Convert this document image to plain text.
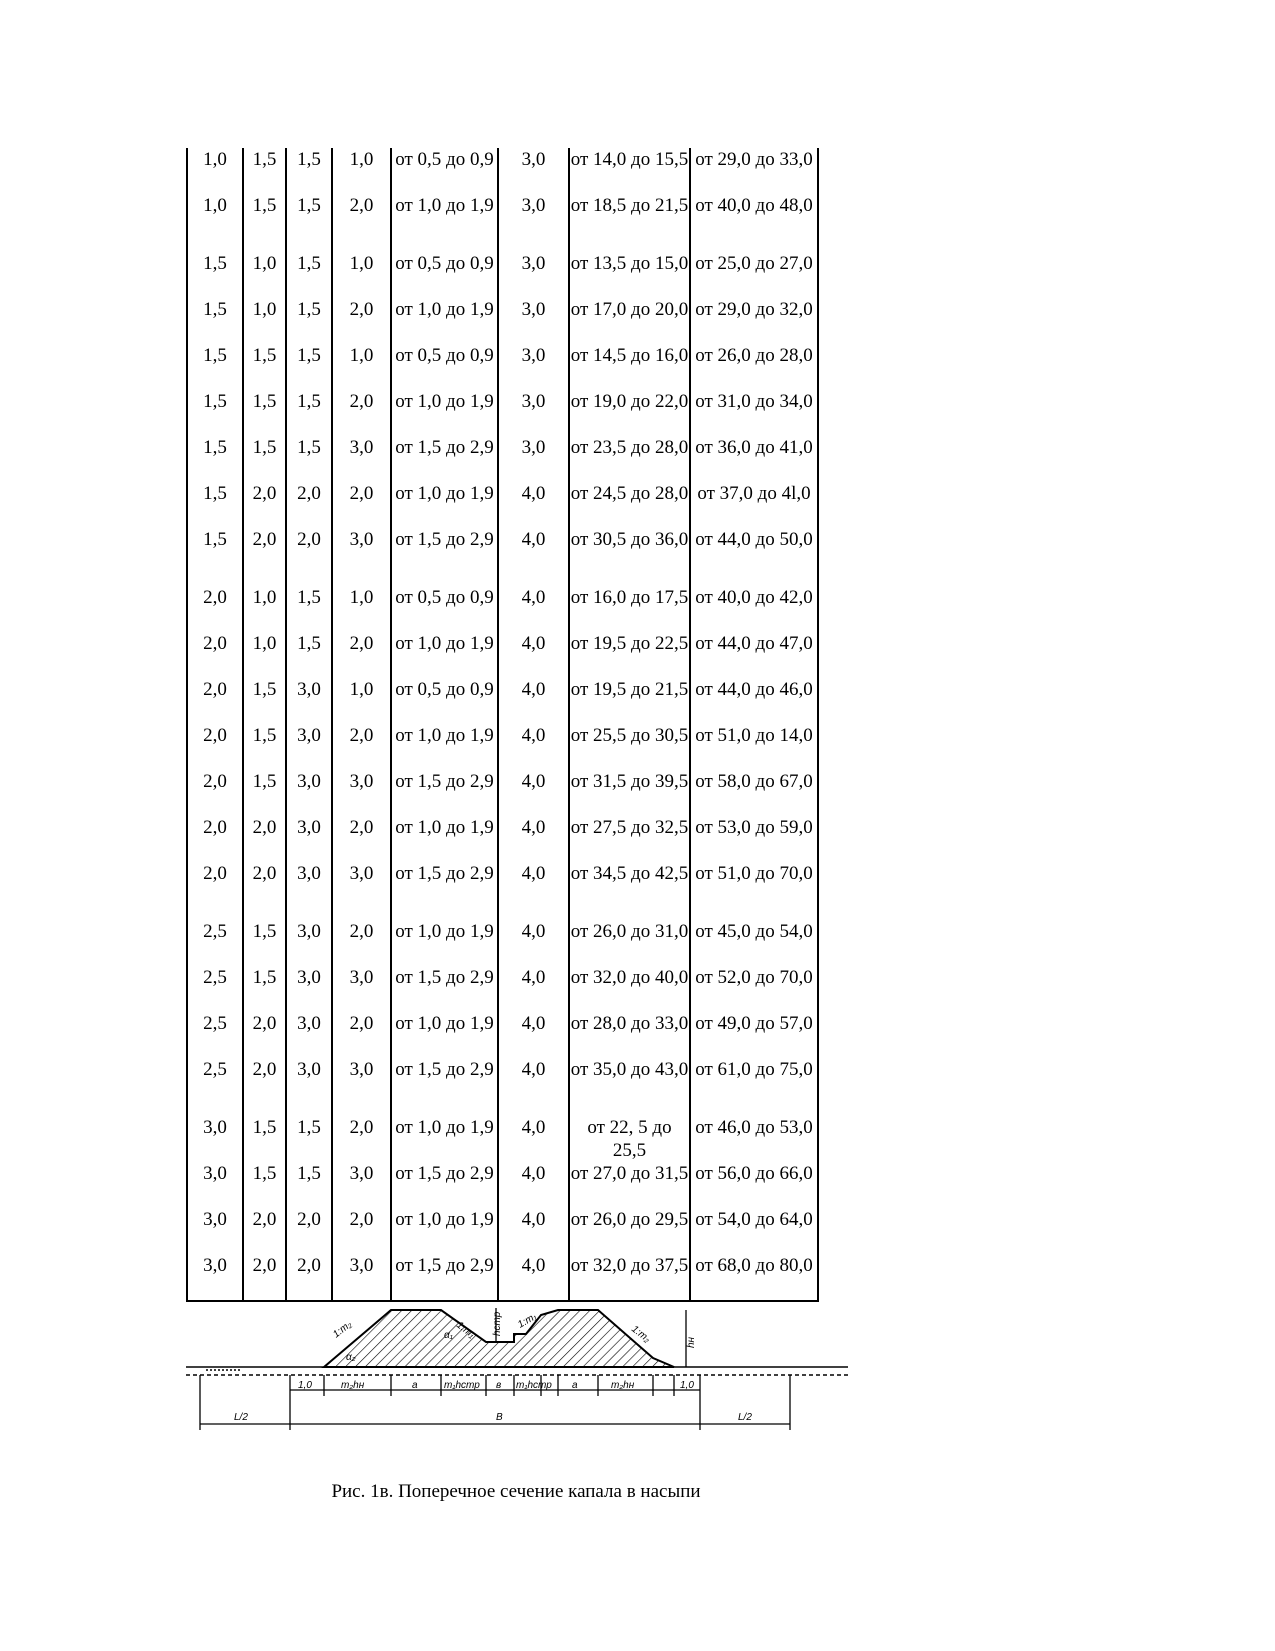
1,0	1,5	1,5	1,0	от 0,5 до 0,9	3,0	от 14,0 до 15,5	от 29,0 до 33,0
1,0	1,5	1,5	2,0	от 1,0 до 1,9	3,0	от 18,5 до 21,5	от 40,0 до 48,0
1,5	1,0	1,5	1,0	от 0,5 до 0,9	3,0	от 13,5 до 15,0	от 25,0 до 27,0
1,5	1,0	1,5	2,0	от 1,0 до 1,9	3,0	от 17,0 до 20,0	от 29,0 до 32,0
1,5	1,5	1,5	1,0	от 0,5 до 0,9	3,0	от 14,5 до 16,0	от 26,0 до 28,0
1,5	1,5	1,5	2,0	от 1,0 до 1,9	3,0	от 19,0 до 22,0	от 31,0 до 34,0
1,5	1,5	1,5	3,0	от 1,5 до 2,9	3,0	от 23,5 до 28,0	от 36,0 до 41,0
1,5	2,0	2,0	2,0	от 1,0 до 1,9	4,0	от 24,5 до 28,0	от 37,0 до 4l,0
1,5	2,0	2,0	3,0	от 1,5 до 2,9	4,0	от 30,5 до 36,0	от 44,0 до 50,0
2,0	1,0	1,5	1,0	от 0,5 до 0,9	4,0	от 16,0 до 17,5	от 40,0 до 42,0
2,0	1,0	1,5	2,0	от 1,0 до 1,9	4,0	от 19,5 до 22,5	от 44,0 до 47,0
2,0	1,5	3,0	1,0	от 0,5 до 0,9	4,0	от 19,5 до 21,5	от 44,0 до 46,0
2,0	1,5	3,0	2,0	от 1,0 до 1,9	4,0	от 25,5 до 30,5	от 51,0 до 14,0
2,0	1,5	3,0	3,0	от 1,5 до 2,9	4,0	от 31,5 до 39,5	от 58,0 до 67,0
2,0	2,0	3,0	2,0	от 1,0 до 1,9	4,0	от 27,5 до 32,5	от 53,0 до 59,0
2,0	2,0	3,0	3,0	от 1,5 до 2,9	4,0	от 34,5 до 42,5	от 51,0 до 70,0
2,5	1,5	3,0	2,0	от 1,0 до 1,9	4,0	от 26,0 до 31,0	от 45,0 до 54,0
2,5	1,5	3,0	3,0	от 1,5 до 2,9	4,0	от 32,0 до 40,0	от 52,0 до 70,0
2,5	2,0	3,0	2,0	от 1,0 до 1,9	4,0	от 28,0 до 33,0	от 49,0 до 57,0
2,5	2,0	3,0	3,0	от 1,5 до 2,9	4,0	от 35,0 до 43,0	от 61,0 до 75,0
3,0	1,5	1,5	2,0	от 1,0 до 1,9	4,0	от 22, 5 до 25,5	от 46,0 до 53,0
3,0	1,5	1,5	3,0	от 1,5 до 2,9	4,0	от 27,0 до 31,5	от 56,0 до 66,0
3,0	2,0	2,0	2,0	от 1,0 до 1,9	4,0	от 26,0 до 29,5	от 54,0 до 64,0
3,0	2,0	2,0	3,0	от 1,5 до 2,9	4,0	от 32,0 до 37,5	от 68,0 до 80,0
1:m₂	1:m₁	1:m₁
1:m₂
α₁
α₂
hстр
hн
1,0	m₂hн	a	m₁hстр в m₁hстр a	m₂hн	1,0
L/2	B	L/2
Рис. 1в. Поперечное сечение капала в насыпи
